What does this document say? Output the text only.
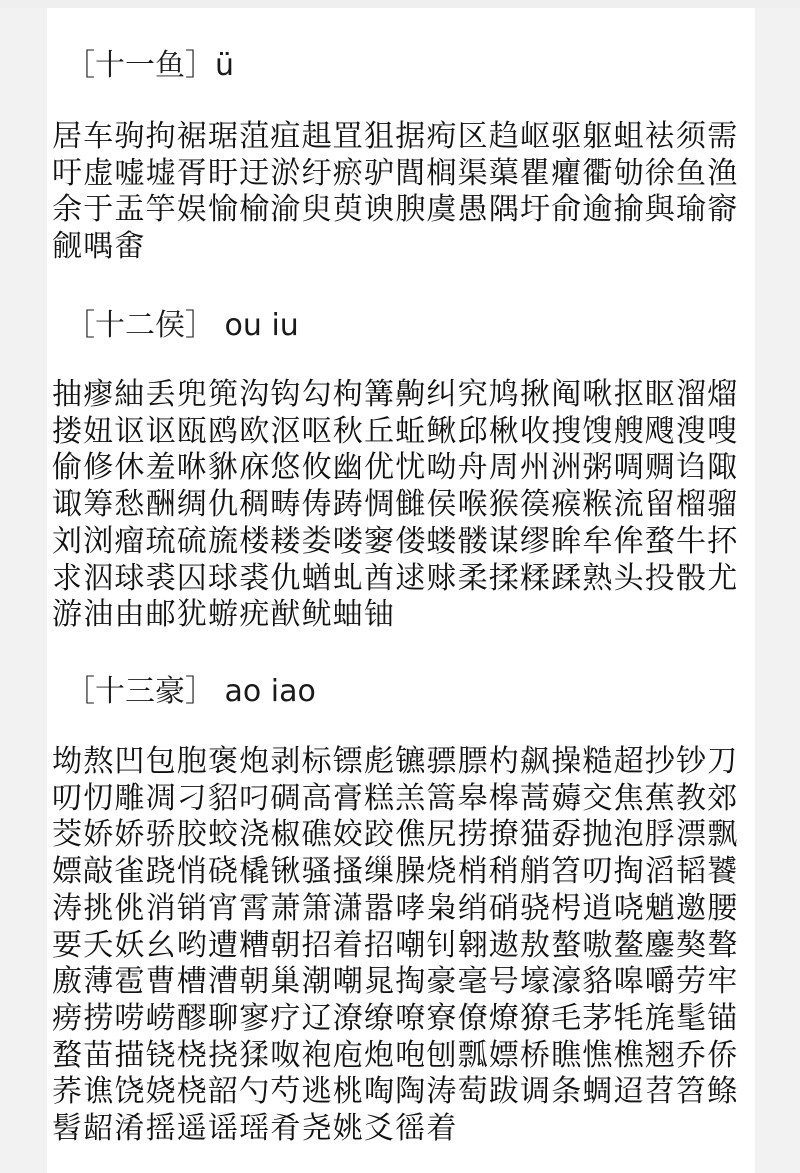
［十一鱼］ü
居车驹拘裾琚菹疽趄罝狙据痀区趋岖驱躯蛆袪须需吁虚嘘墟胥盱迂淤纡瘀驴閭榈渠蕖瞿癯衢劬徐鱼渔余于盂竽娱愉榆渝臾萸谀腴虞愚隅圩俞逾揄與瑜窬觎喁畬
［十二侯］ ou iu
抽瘳紬丢兜篼沟钩勾枸篝齁纠究鸠揪阄啾抠眍溜熘搂妞讴讴瓯鸥欧沤呕秋丘蚯鳅邱楸收搜馊艘飕溲嗖偷修休羞咻貅庥悠攸幽优忧呦舟周州洲粥啁赒诌陬诹筹愁酬绸仇稠畴俦踌惆雠侯喉猴篌瘊糇流留榴骝刘浏瘤琉硫旒楼耧娄喽窭偻蝼髅谋缪眸牟侔蝥牛抔求泅球裘囚球裘仇蝤虬酋逑赇柔揉糅蹂熟头投骰尤游油由邮犹蝣疣猷鱿蚰铀
［十三豪］ ao iao
坳熬凹包胞褒炮剥标镖彪镳骠膘杓飙操糙超抄钞刀叨忉雕凋刁貂叼碉高膏糕羔篙皋槔蒿薅交焦蕉教郊茭娇娇骄胶蛟浇椒礁姣跤僬尻捞撩猫孬抛泡脬漂飘嫖敲雀跷悄硗橇锹骚搔缫臊烧梢稍艄笤叨掏滔韬饕涛挑佻消销宵霄萧箫潇嚣哮枭绡硝骁枵逍哓魈邀腰要夭妖幺哟遭糟朝招着招嘲钊翱遨敖螯嗷鳌鏖獒聱廒薄雹曹槽漕朝巢潮嘲晁掏豪毫号壕濠貉嗥嚼劳牢痨捞唠崂醪聊寥疗辽潦缭嘹寮僚燎獠毛茅牦旄髦锚蝥苗描铙桡挠猱呶袍庖炮咆刨瓢嫖桥瞧憔樵翘乔侨荞谯饶娆桡韶勺芍逃桃啕陶涛萄跋调条蜩迢苕笤鲦髫龆淆摇遥谣瑶肴尧姚爻徭着
